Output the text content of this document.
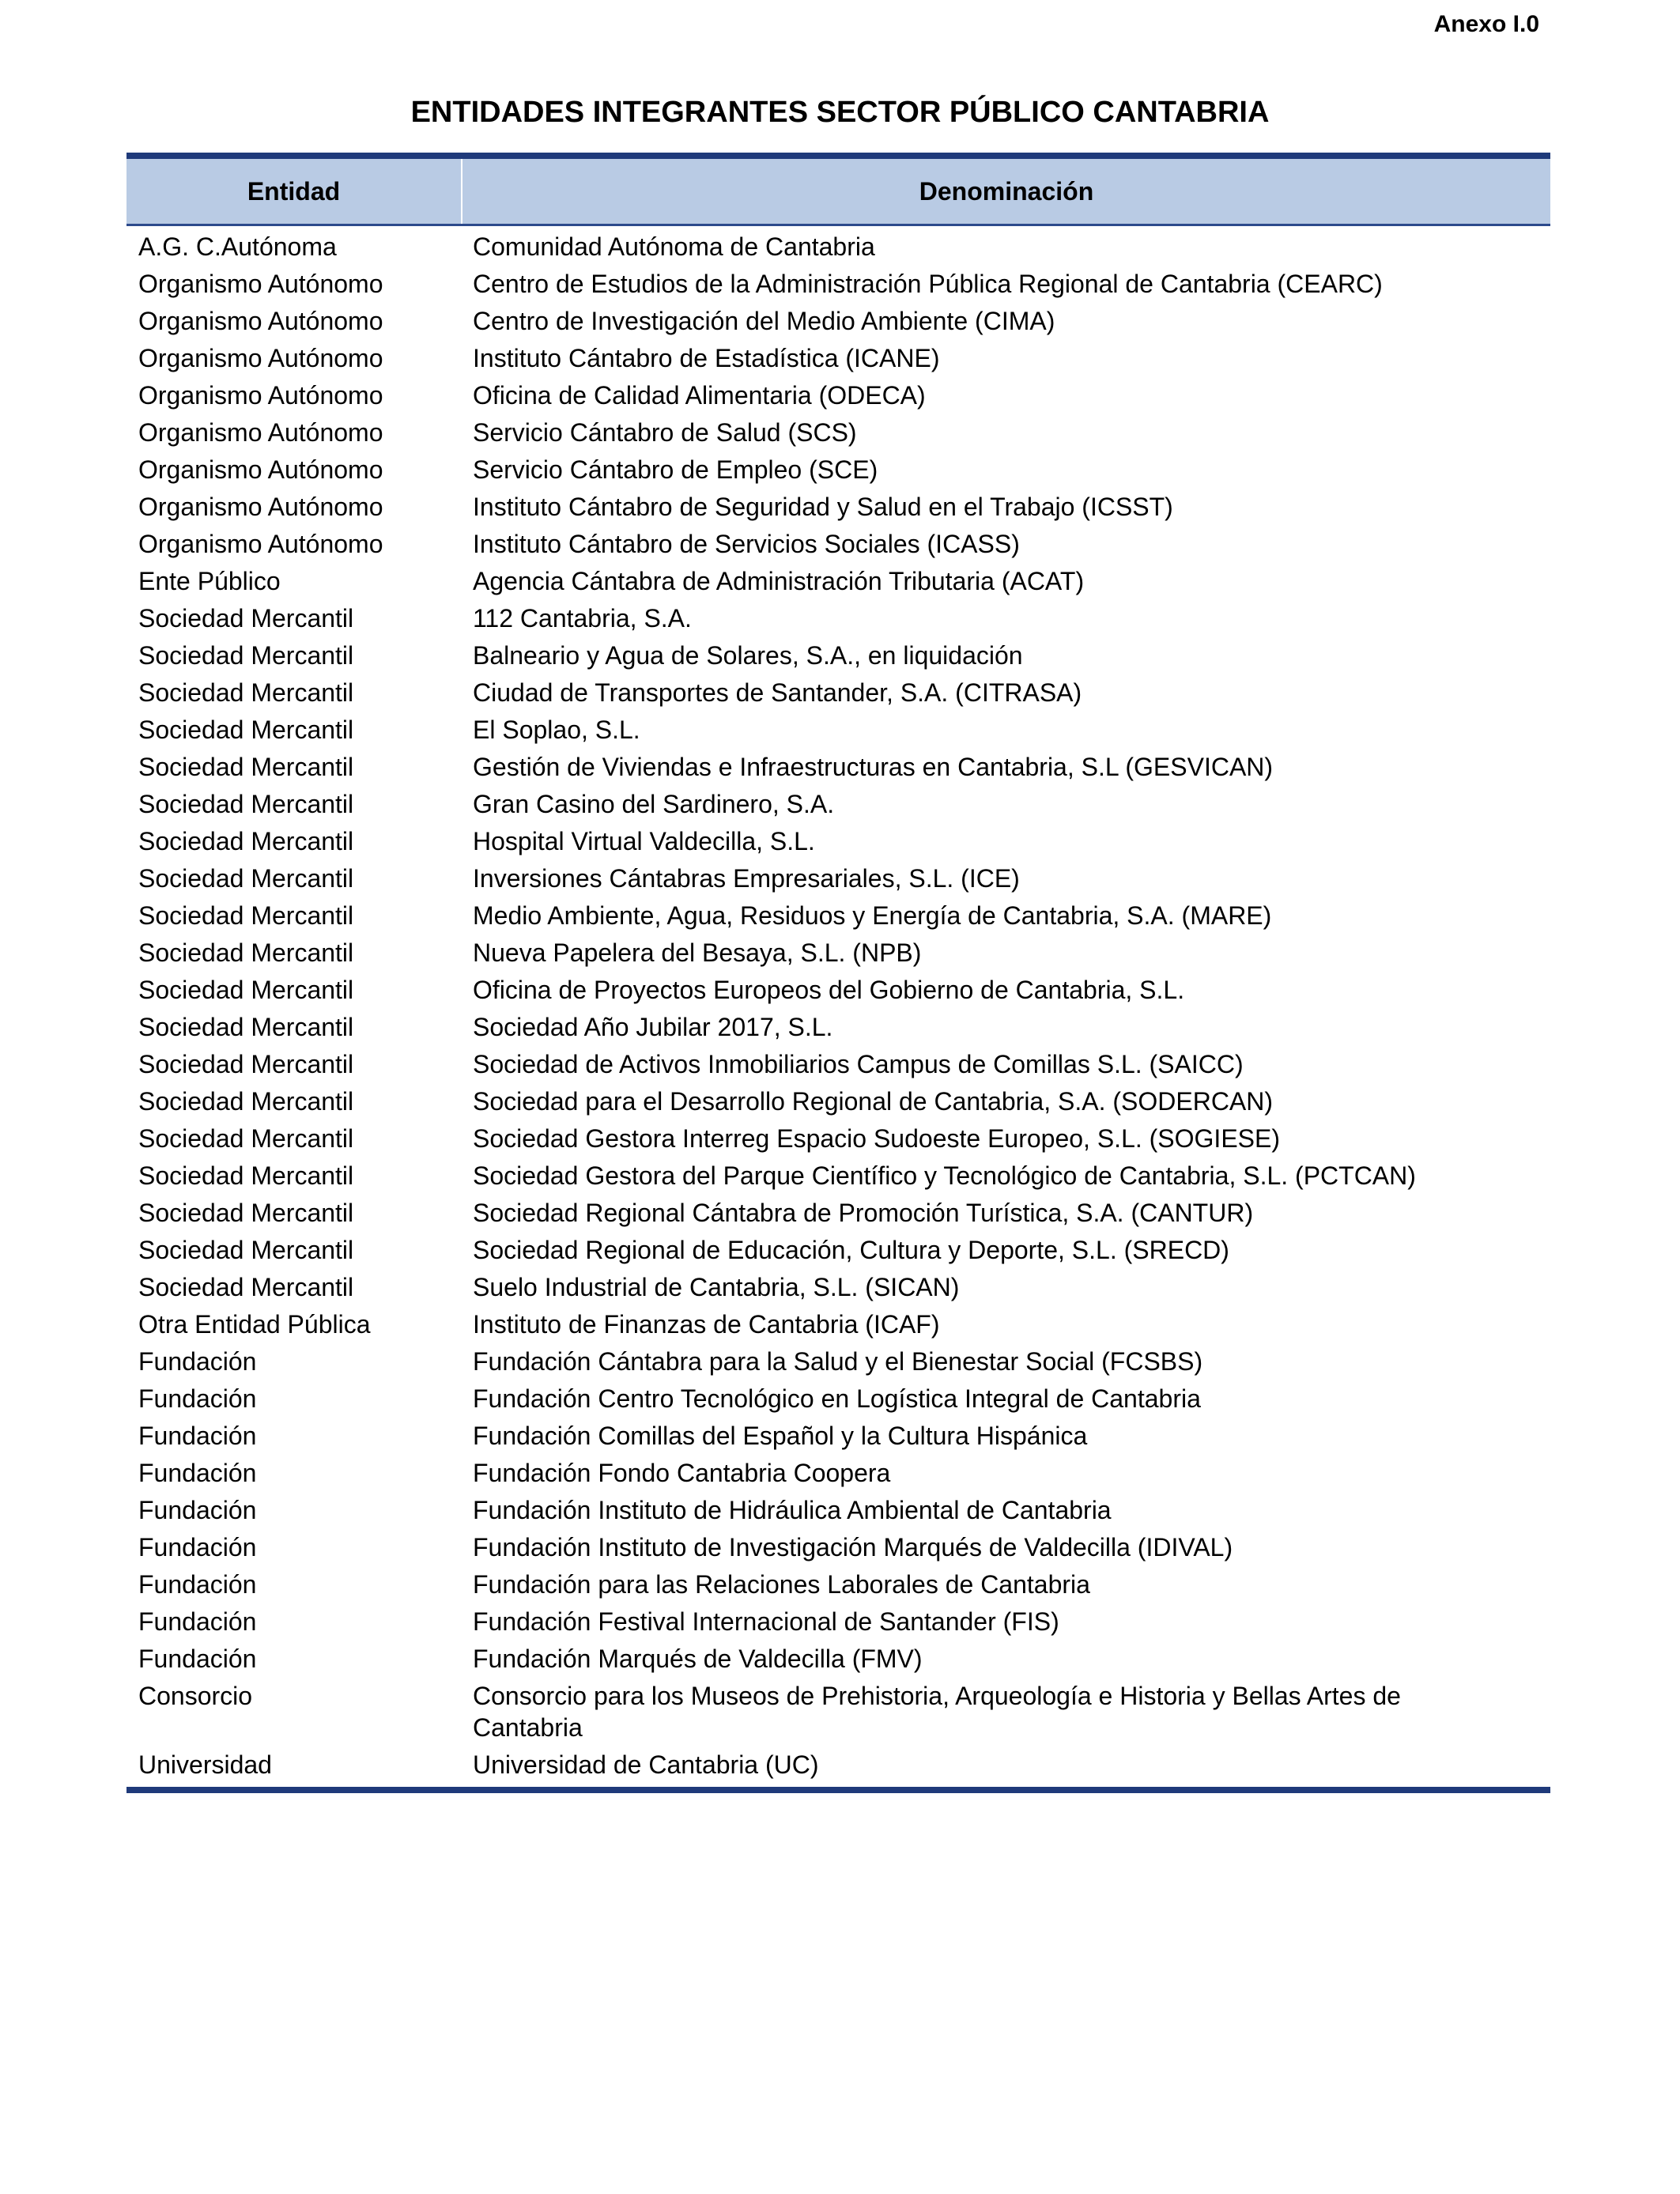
Anexo I.0
ENTIDADES INTEGRANTES SECTOR PÚBLICO CANTABRIA
Entidad	Denominación
A.G. C.Autónoma	Comunidad Autónoma de Cantabria
Organismo Autónomo	Centro de Estudios de la Administración Pública Regional de Cantabria (CEARC)
Organismo Autónomo	Centro de Investigación del Medio Ambiente (CIMA)
Organismo Autónomo	Instituto Cántabro de Estadística (ICANE)
Organismo Autónomo	Oficina de Calidad Alimentaria (ODECA)
Organismo Autónomo	Servicio Cántabro de Salud (SCS)
Organismo Autónomo	Servicio Cántabro de Empleo (SCE)
Organismo Autónomo	Instituto Cántabro de Seguridad y Salud en el Trabajo (ICSST)
Organismo Autónomo	Instituto Cántabro de Servicios Sociales (ICASS)
Ente Público	Agencia Cántabra de Administración Tributaria (ACAT)
Sociedad Mercantil	112 Cantabria, S.A.
Sociedad Mercantil	Balneario y Agua de Solares, S.A., en liquidación
Sociedad Mercantil	Ciudad de Transportes de Santander, S.A. (CITRASA)
Sociedad Mercantil	El Soplao, S.L.
Sociedad Mercantil	Gestión de Viviendas e Infraestructuras en Cantabria, S.L (GESVICAN)
Sociedad Mercantil	Gran Casino del Sardinero, S.A.
Sociedad Mercantil	Hospital Virtual Valdecilla, S.L.
Sociedad Mercantil	Inversiones Cántabras Empresariales, S.L. (ICE)
Sociedad Mercantil	Medio Ambiente, Agua, Residuos y Energía de Cantabria, S.A. (MARE)
Sociedad Mercantil	Nueva Papelera del Besaya, S.L. (NPB)
Sociedad Mercantil	Oficina de Proyectos Europeos del Gobierno de Cantabria, S.L.
Sociedad Mercantil	Sociedad Año Jubilar 2017, S.L.
Sociedad Mercantil	Sociedad de Activos Inmobiliarios Campus de Comillas S.L. (SAICC)
Sociedad Mercantil	Sociedad para el Desarrollo Regional de Cantabria, S.A. (SODERCAN)
Sociedad Mercantil	Sociedad Gestora Interreg Espacio Sudoeste Europeo, S.L. (SOGIESE)
Sociedad Mercantil	Sociedad Gestora del Parque Científico y Tecnológico de Cantabria, S.L. (PCTCAN)
Sociedad Mercantil	Sociedad Regional Cántabra de Promoción Turística, S.A. (CANTUR)
Sociedad Mercantil	Sociedad Regional de Educación, Cultura y Deporte, S.L. (SRECD)
Sociedad Mercantil	Suelo Industrial de Cantabria, S.L. (SICAN)
Otra Entidad Pública	Instituto de Finanzas de Cantabria (ICAF)
Fundación	Fundación Cántabra para la Salud y el Bienestar Social (FCSBS)
Fundación	Fundación Centro Tecnológico en Logística Integral de Cantabria
Fundación	Fundación Comillas del Español y la Cultura Hispánica
Fundación	Fundación Fondo Cantabria Coopera
Fundación	Fundación Instituto de Hidráulica Ambiental de Cantabria
Fundación	Fundación Instituto de Investigación Marqués de Valdecilla (IDIVAL)
Fundación	Fundación para las Relaciones Laborales de Cantabria
Fundación	Fundación Festival Internacional de Santander (FIS)
Fundación	Fundación Marqués de Valdecilla (FMV)
Consorcio	Consorcio para los Museos de Prehistoria, Arqueología e Historia y Bellas Artes de Cantabria
Universidad	Universidad de Cantabria (UC)
